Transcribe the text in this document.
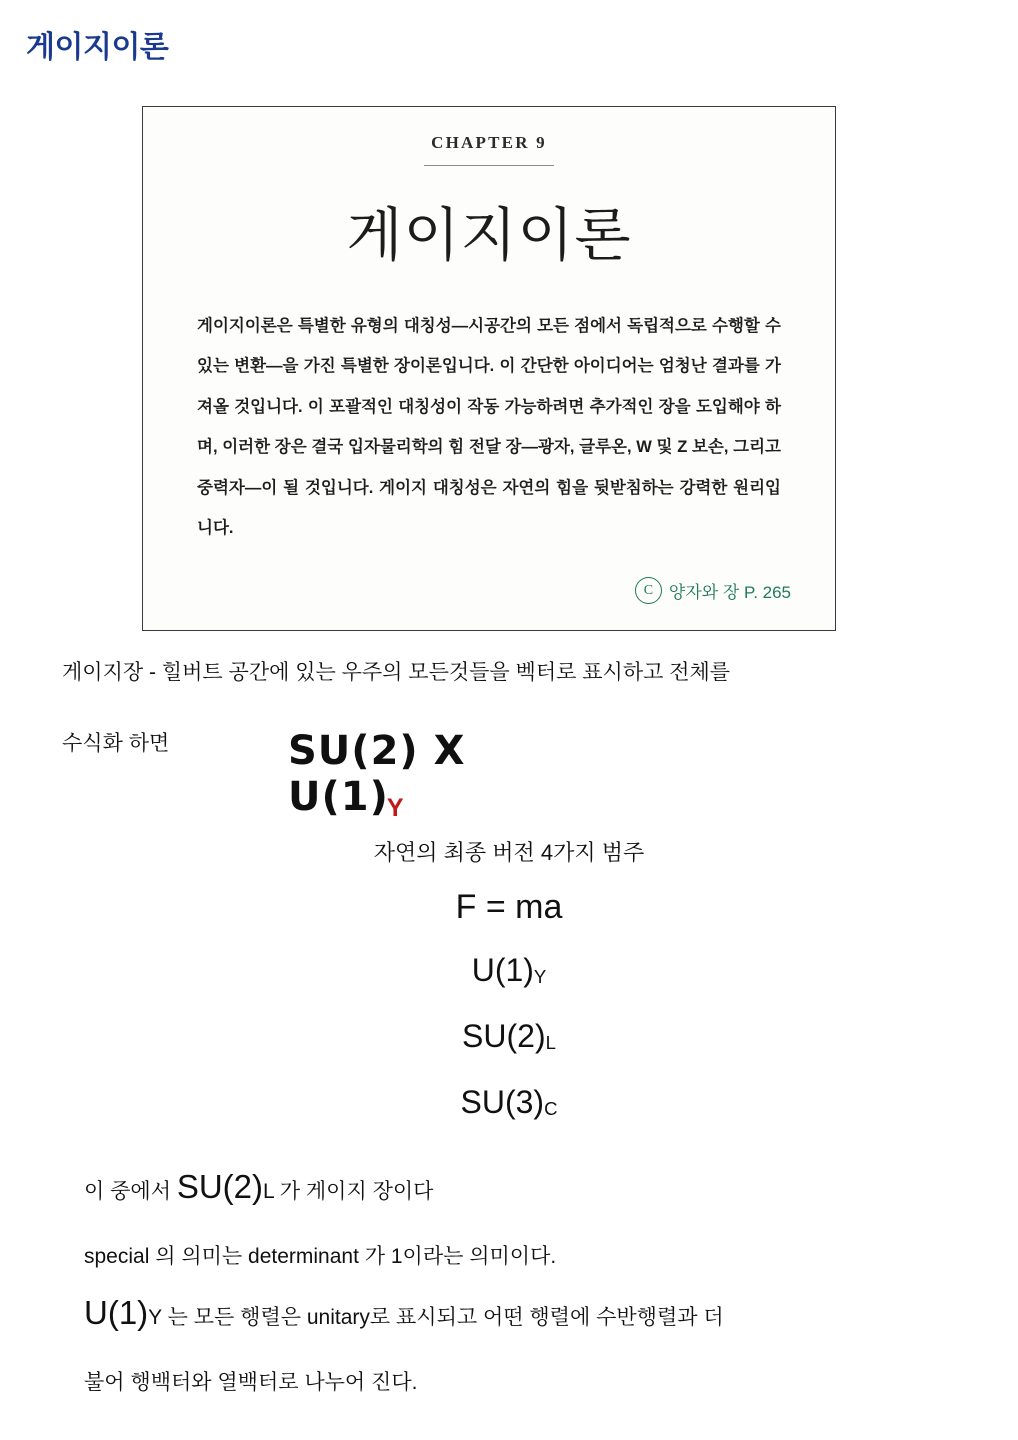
게이지이론
CHAPTER 9
게이지이론
게이지이론은 특별한 유형의 대칭성—시공간의 모든 점에서 독립적으로 수행할 수 있는 변환—을 가진 특별한 장이론입니다. 이 간단한 아이디어는 엄청난 결과를 가져올 것입니다. 이 포괄적인 대칭성이 작동 가능하려면 추가적인 장을 도입해야 하며, 이러한 장은 결국 입자물리학의 힘 전달 장—광자, 글루온, W 및 Z 보손, 그리고 중력자—이 될 것입니다. 게이지 대칭성은 자연의 힘을 뒷받침하는 강력한 원리입니다.
C 양자와 장 P. 265
게이지장 - 힐버트 공간에 있는 우주의 모든것들을 벡터로 표시하고 전체를
수식화 하면	SU(2) X U(1)Y
자연의 최종 버전 4가지 범주
F = ma
U(1)Y
SU(2)L
SU(3)C
이 중에서 SU(2)L 가 게이지 장이다
special 의 의미는 determinant 가 1이라는 의미이다.
U(1)Y 는 모든 행렬은 unitary로 표시되고 어떤 행렬에 수반행렬과 더
불어 행백터와 열백터로 나누어 진다.
